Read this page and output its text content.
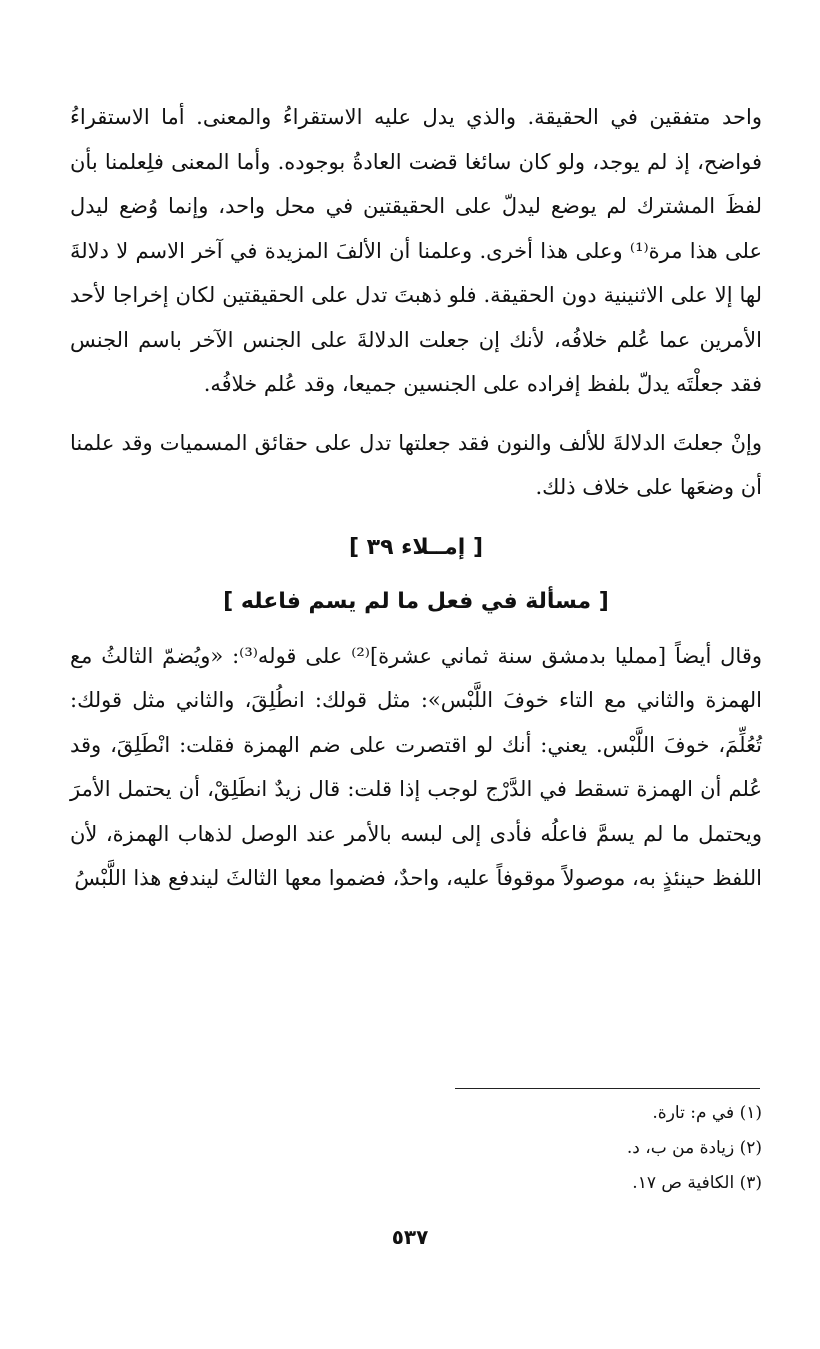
واحد متفقين في الحقيقة. والذي يدل عليه الاستقراءُ والمعنى. أما الاستقراءُ فواضح، إذ لم يوجد، ولو كان سائغا قضت العادةُ بوجوده. وأما المعنى فلِعلمنا بأن لفظَ المشترك لم يوضع ليدلّ على الحقيقتين في محل واحد، وإنما وُضع ليدل على هذا مرة⁽¹⁾ وعلى هذا أخرى. وعلمنا أن الألفَ المزيدة في آخر الاسم لا دلالةَ لها إلا على الاثنينية دون الحقيقة. فلو ذهبتَ تدل على الحقيقتين لكان إخراجا لأحد الأمرين عما عُلم خلافُه، لأنك إن جعلت الدلالةَ على الجنس الآخر باسم الجنس فقد جعلْتَه يدلّ بلفظ إفراده على الجنسين جميعا، وقد عُلم خلافُه.

وإنْ جعلتَ الدلالةَ للألف والنون فقد جعلتها تدل على حقائق المسميات وقد علمنا أن وضعَها على خلاف ذلك.

[ إمــلاء ٣٩ ]
[ مسألة في فعل ما لم يسم فاعله ]

وقال أيضاً [ممليا بدمشق سنة ثماني عشرة]⁽²⁾ على قوله⁽³⁾: «ويُضمّ الثالثُ مع الهمزة والثاني مع التاء خوفَ اللَّبْس»: مثل قولك: انطُلِقَ، والثاني مثل قولك: تُعُلِّمَ، خوفَ اللَّبْس. يعني: أنك لو اقتصرت على ضم الهمزة فقلت: انْطَلِقَ، وقد عُلم أن الهمزة تسقط في الدَّرْج لوجب إذا قلت: قال زيدٌ انطَلِقْ، أن يحتمل الأمرَ ويحتمل ما لم يسمَّ فاعلُه فأدى إلى لبسه بالأمر عند الوصل لذهاب الهمزة، لأن اللفظ حينئذٍ به، موصولاً موقوفاً عليه، واحدٌ، فضموا معها الثالثَ ليندفع هذا اللَّبْسُ

(١) في م: تارة.

(٢) زيادة من ب، د.

(٣) الكافية ص ١٧.

٥٣٧
